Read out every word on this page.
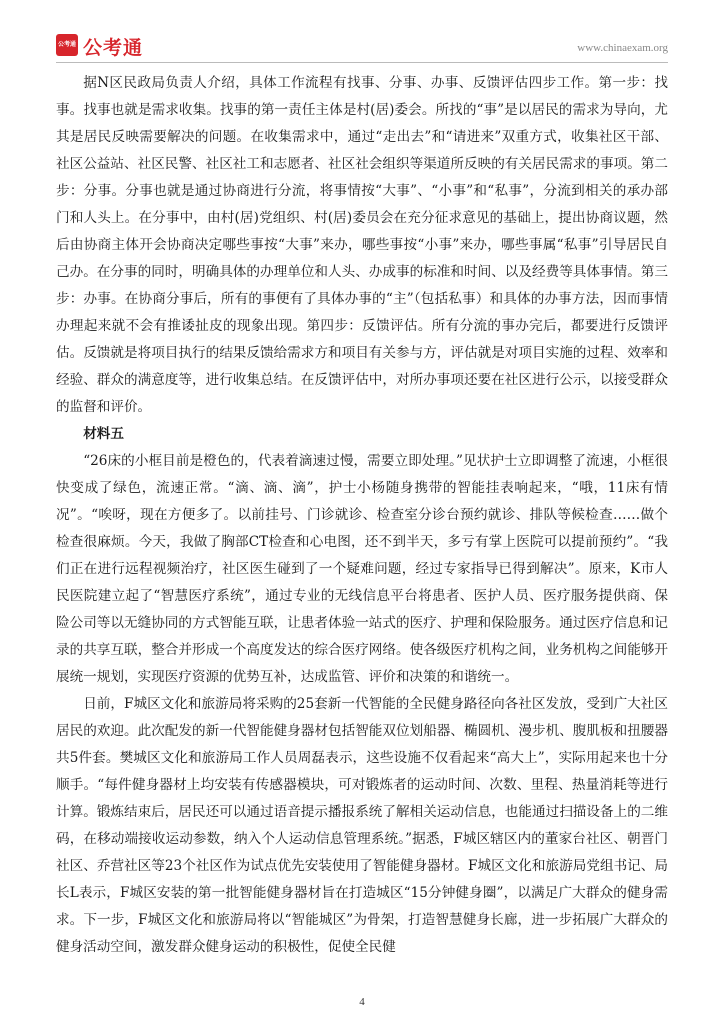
公考通 公考通	www.chinaexam.org

据N区民政局负责人介绍，具体工作流程有找事、分事、办事、反馈评估四步工作。第一步：找事。找事也就是需求收集。找事的第一责任主体是村(居)委会。所找的“事”是以居民的需求为导向，尤其是居民反映需要解决的问题。在收集需求中，通过“走出去”和“请进来”双重方式，收集社区干部、社区公益站、社区民警、社区社工和志愿者、社区社会组织等渠道所反映的有关居民需求的事项。第二步：分事。分事也就是通过协商进行分流，将事情按“大事”、“小事”和“私事”，分流到相关的承办部门和人头上。在分事中，由村(居)党组织、村(居)委员会在充分征求意见的基础上，提出协商议题，然后由协商主体开会协商决定哪些事按“大事”来办，哪些事按“小事”来办，哪些事属“私事”引导居民自己办。在分事的同时，明确具体的办理单位和人头、办成事的标准和时间、以及经费等具体事情。第三步：办事。在协商分事后，所有的事便有了具体办事的“主”（包括私事）和具体的办事方法，因而事情办理起来就不会有推诿扯皮的现象出现。第四步：反馈评估。所有分流的事办完后，都要进行反馈评估。反馈就是将项目执行的结果反馈给需求方和项目有关参与方，评估就是对项目实施的过程、效率和经验、群众的满意度等，进行收集总结。在反馈评估中，对所办事项还要在社区进行公示，以接受群众的监督和评价。

材料五

“26床的小框目前是橙色的，代表着滴速过慢，需要立即处理。”见状护士立即调整了流速，小框很快变成了绿色，流速正常。“滴、滴、滴”，护士小杨随身携带的智能挂表响起来，“哦，11床有情况”。“唉呀，现在方便多了。以前挂号、门诊就诊、检查室分诊台预约就诊、排队等候检查……做个检查很麻烦。今天，我做了胸部CT检查和心电图，还不到半天，多亏有掌上医院可以提前预约”。“我们正在进行远程视频治疗，社区医生碰到了一个疑难问题，经过专家指导已得到解决”。原来，K市人民医院建立起了“智慧医疗系统”，通过专业的无线信息平台将患者、医护人员、医疗服务提供商、保险公司等以无缝协同的方式智能互联，让患者体验一站式的医疗、护理和保险服务。通过医疗信息和记录的共享互联，整合并形成一个高度发达的综合医疗网络。使各级医疗机构之间，业务机构之间能够开展统一规划，实现医疗资源的优势互补，达成监管、评价和决策的和谐统一。

日前，F城区文化和旅游局将采购的25套新一代智能的全民健身路径向各社区发放，受到广大社区居民的欢迎。此次配发的新一代智能健身器材包括智能双位划船器、椭圆机、漫步机、腹肌板和扭腰器共5件套。樊城区文化和旅游局工作人员周磊表示，这些设施不仅看起来“高大上”，实际用起来也十分顺手。“每件健身器材上均安装有传感器模块，可对锻炼者的运动时间、次数、里程、热量消耗等进行计算。锻炼结束后，居民还可以通过语音提示播报系统了解相关运动信息，也能通过扫描设备上的二维码，在移动端接收运动参数，纳入个人运动信息管理系统。”据悉，F城区辖区内的董家台社区、朝晋门社区、乔营社区等23个社区作为试点优先安装使用了智能健身器材。F城区文化和旅游局党组书记、局长L表示，F城区安装的第一批智能健身器材旨在打造城区“15分钟健身圈”，以满足广大群众的健身需求。下一步，F城区文化和旅游局将以“智能城区”为骨架，打造智慧健身长廊，进一步拓展广大群众的健身活动空间，激发群众健身运动的积极性，促使全民健

4
